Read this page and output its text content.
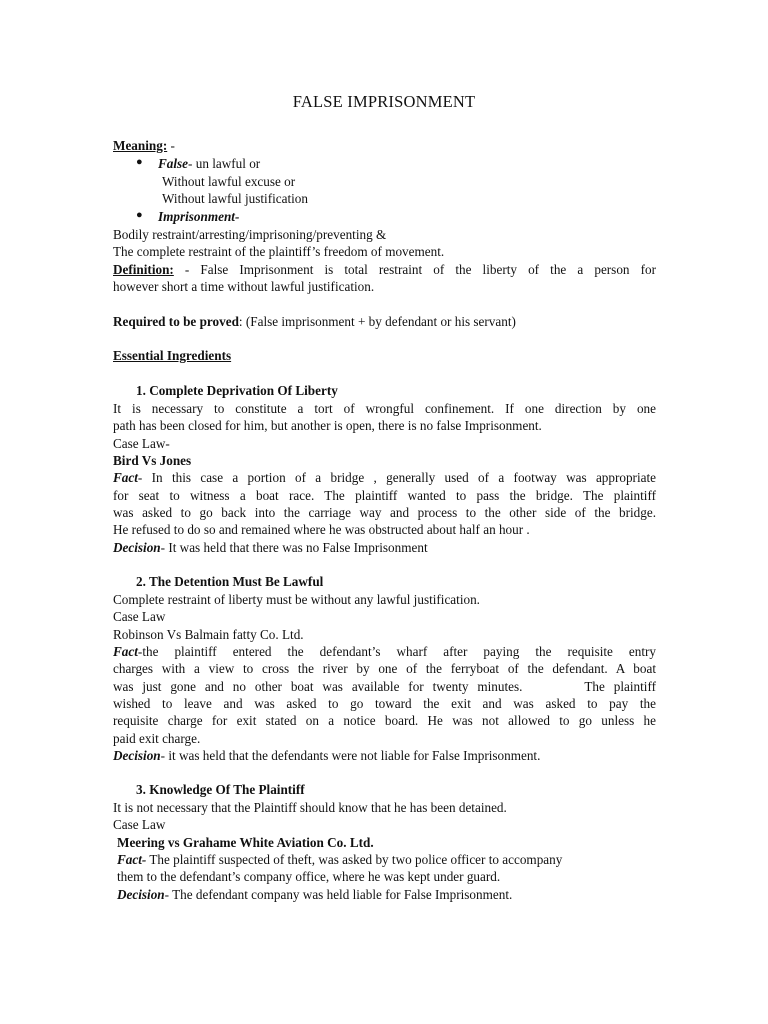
FALSE IMPRISONMENT
Meaning: -
● False- un lawful or
Without lawful excuse or
Without lawful justification
● Imprisonment-
Bodily restraint/arresting/imprisoning/preventing &
The complete restraint of the plaintiff’s freedom of movement.
Definition: - False Imprisonment is total restraint of the liberty of the a person for
however short a time without lawful justification.
Required to be proved: (False imprisonment + by defendant or his servant)
Essential Ingredients
1. Complete Deprivation Of Liberty
It is necessary to constitute a tort of wrongful confinement. If one direction by one
path has been closed for him, but another is open, there is no false Imprisonment.
Case Law-
Bird Vs Jones
Fact- In this case a portion of a bridge , generally used of a footway was appropriate
for seat to witness a boat race. The plaintiff wanted to pass the bridge. The plaintiff
was asked to go back into the carriage way and process to the other side of the bridge.
He refused to do so and remained where he was obstructed about half an hour .
Decision- It was held that there was no False Imprisonment
2. The Detention Must Be Lawful
Complete restraint of liberty must be without any lawful justification.
Case Law
Robinson Vs Balmain fatty Co. Ltd.
Fact-the plaintiff entered the defendant’s wharf after paying the requisite entry
charges with a view to cross the river by one of the ferryboat of the defendant. A boat
was just gone and no other boat was available for twenty minutes.       The plaintiff
wished to leave and was asked to go toward the exit and was asked to pay the
requisite charge for exit stated on a notice board. He was not allowed to go unless he
paid exit charge.
Decision- it was held that the defendants were not liable for False Imprisonment.
3. Knowledge Of The Plaintiff
It is not necessary that the Plaintiff should know that he has been detained.
Case Law
Meering vs Grahame White Aviation Co. Ltd.
Fact- The plaintiff suspected of theft, was asked by two police officer to accompany
them to the defendant’s company office, where he was kept under guard.
Decision- The defendant company was held liable for False Imprisonment.
